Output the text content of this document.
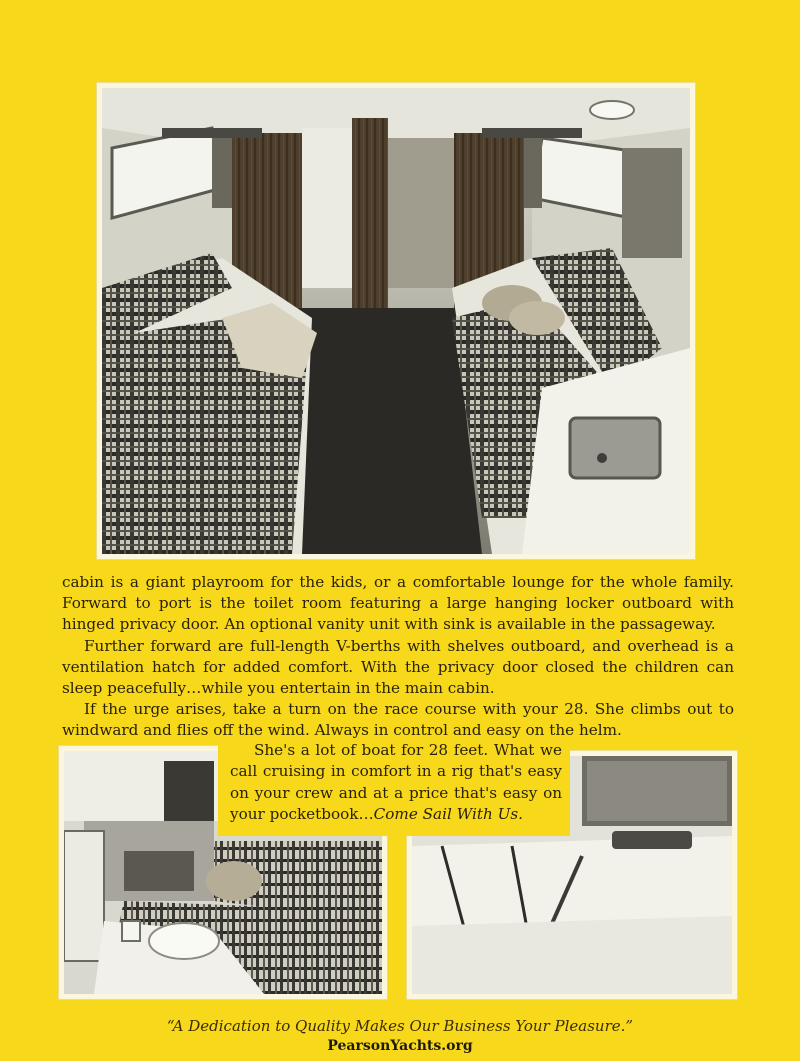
cabin is a giant playroom for the kids, or a comfortable lounge for the whole family. Forward to port is the toilet room featuring a large hanging locker outboard with hinged privacy door. An optional vanity unit with sink is available in the passageway.

Further forward are full-length V-berths with shelves outboard, and overhead is a ventilation hatch for added comfort. With the privacy door closed the children can sleep peacefully…while you entertain in the main cabin.

If the urge arises, take a turn on the race course with your 28. She climbs out to windward and flies off the wind. Always in control and easy on the helm.

She's a lot of boat for 28 feet. What we call cruising in comfort in a rig that's easy on your crew and at a price that's easy on your pocketbook…Come Sail With Us.

“A Dedication to Quality Makes Our Business Your Pleasure.”
PearsonYachts.org
